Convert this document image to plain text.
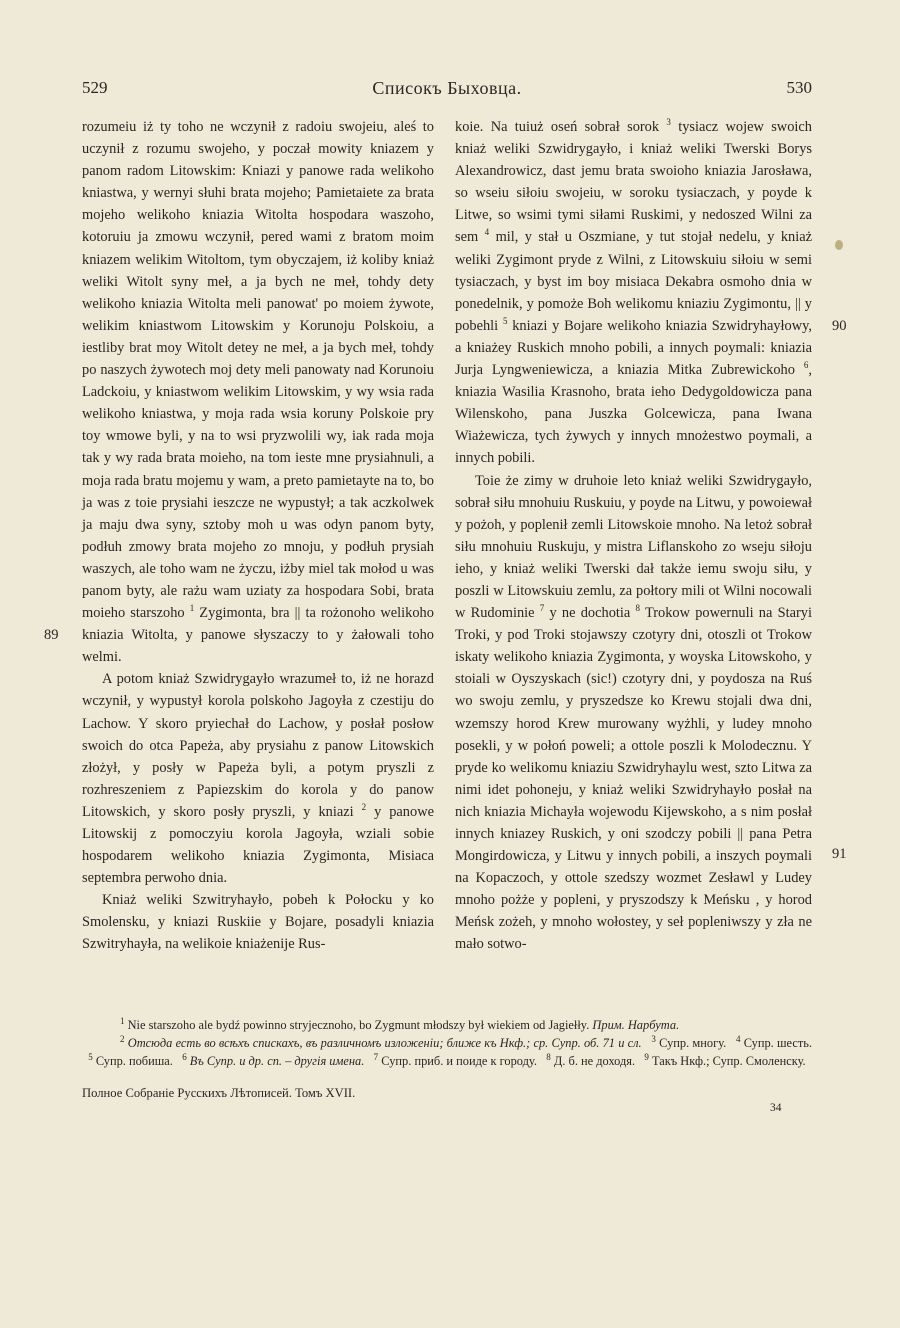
529	Списокъ Быховца.	530

rozumeiu iż ty toho ne wczynił z radoiu swojeiu, aleś to uczynił z rozumu swojeho, y poczał mowity kniazem y panom radom Litowskim: Kniazi y panowe rada welikoho kniastwa, y wernyi słuhi brata mojeho; Pamietaiete za brata mojeho welikoho kniazia Witolta hospodara waszoho, kotoruiu ja zmowu wczynił, pered wami z bratom moim kniazem welikim Witoltom, tym obyczajem, iż koliby kniaż weliki Witolt syny meł, a ja bych ne meł, tohdy dety welikoho kniazia Witolta meli panowat' po moiem żywote, welikim kniastwom Litowskim y Korunoju Polskoiu, a iestliby brat moy Witolt detey ne meł, a ja bych meł, tohdy po naszych żywotech moj dety meli panowaty nad Korunoiu Ladckoiu, y kniastwom welikim Litowskim, y wy wsia rada welikoho kniastwa, y moja rada wsia koruny Polskoie pry toy wmowe byli, y na to wsi pryzwolili wy, iak rada moja tak y wy rada brata moieho, na tom ieste mne prysiahnuli, a moja rada bratu mojemu y wam, a preto pamietayte na to, bo ja was z toie prysiahi ieszcze ne wypustył; a tak aczkolwek ja maju dwa syny, sztoby moh u was odyn panom byty, podłuh zmowy brata mojeho zo mnoju, y podłuh prysiah waszych, ale toho wam ne życzu, iżby miel tak mołod u was panom byty, ale rażu wam uziaty za hospodara Sobi, brata moieho starszoho $^1$ Zygimonta, bra || ta rożonoho welikoho kniazia Witolta, y panowe słyszaczy to y żałowali toho welmi.

A potom kniaż Szwidrygayło wrazumeł to, iż ne horazd wczynił, y wypustył korola polskoho Jagoyła z czestiju do Lachow. Y skoro pryiechał do Lachow, y posłał posłow swoich do otca Papeża, aby prysiahu z panow Litowskich złożył, y posły w Papeża byli, a potym pryszli z rozhreszeniem z Papiezskim do korola y do panow Litowskich, y skoro posły pryszli, y kniazi $^2$ y panowe Litowskij z pomoczyiu korola Jagoyła, wziali sobie hospodarem welikoho kniazia Zygimonta, Misiaca septembra perwoho dnia.

Kniaż weliki Szwitryhayło, pobeh k Połocku y ko Smolensku, y kniazi Ruskiie y Bojare, posadyli kniazia Szwitryhayła, na welikoie kniażenije Rus-

89

koie. Na tuiuż oseń sobrał sorok $^3$ tysiacz wojew swoich kniaż weliki Szwidrygayło, i kniaż weliki Twerski Borys Alexandrowicz, dast jemu brata swoioho kniazia Jarosława, so wseiu siłoiu swojeiu, w soroku tysiaczach, y poyde k Litwe, so wsimi tymi siłami Ruskimi, y nedoszed Wilni za sem $^4$ mil, y stał u Oszmiane, y tut stojał nedelu, y kniaż weliki Zygimont pryde z Wilni, z Litowskuiu siłoiu w semi tysiaczach, y byst im boy misiaca Dekabra osmoho dnia w ponedelnik, y pomoże Boh welikomu kniaziu Zygimontu, || y pobehli $^5$ kniazi y Bojare welikoho kniazia Szwidryhayłowy, a kniażey Ruskich mnoho pobili, a innych poymali: kniazia Jurja Lyngweniewicza, a kniazia Mitka Zubrewickoho $^6$, kniazia Wasilia Krasnoho, brata ieho Dedygoldowicza pana Wilenskoho, pana Juszka Golcewicza, pana Iwana Wiażewicza, tych żywych y innych mnożestwo poymali, a innych pobili.

Toie że zimy w druhoie leto kniaż weliki Szwidrygayło, sobrał siłu mnohuiu Ruskuiu, y poyde na Litwu, y powoiewał y pożoh, y poplenił zemli Litowskoie mnoho. Na letoż sobrał siłu mnohuiu Ruskuju, y mistra Liflanskoho zo wseju siłoju ieho, y kniaż weliki Twerski dał także iemu swoju siłu, y poszli w Litowskuiu zemlu, za połtory mili ot Wilni nocowali w Rudominie $^7$ y ne dochotia $^8$ Trokow powernuli na Staryi Troki, y pod Troki stojawszy czotyry dni, otoszli ot Trokow iskaty welikoho kniazia Zygimonta, y woyska Litowskoho, y stoiali w Oyszyskach (sic!) czotyry dni, y poydosza na Ruś wo swoju zemlu, y pryszedsze ko Krewu stojali dwa dni, wzemszy horod Krew murowany wyżhli, y ludey mnoho posekli, y w połoń poweli; a ottole poszli k Molodecznu. Y pryde ko welikomu kniaziu Szwidryhaylu west, szto Litwa za nimi idet pohoneju, y kniaż weliki Szwidryhayło posłał na nich kniazia Michayła wojewodu Kijewskoho, a s nim posłał innych kniazey Ruskich, y oni szodczy pobili || pana Petra Mongirdowicza, y Litwu y innych pobili, a inszych poymali na Kopaczoch, y ottole szedszy wozmet Zesławl y Ludey mnoho pożże y popleni, y pryszodszy k Meńsku , y horod Meńsk zożeh, y mnoho wołostey, y seł popleniwszy y zła ne mało sotwo-

90
91

$^1$ Nie starszoho ale bydź powinno stryjecznoho, bo Zygmunt młodszy był wiekiem od Jagiełły. Прим. Нарбута.

$^2$ Отсюда есть во всѣхъ спискахъ, въ различномъ изложеніи; ближе къ Нкф.; ср. Супр. об. 71 и сл. $^3$ Супр. многу. $^4$ Супр. шесть.   $^5$ Супр. побиша. $^6$ Въ Супр. и др. сп. – другія имена. $^7$ Супр. приб. и поиде к городу. $^8$ Д. б. не доходя. $^9$ Такъ Нкф.; Супр. Смоленску.

Полное Собраніе Русскихъ Лѣтописей. Томъ XVII.
34
